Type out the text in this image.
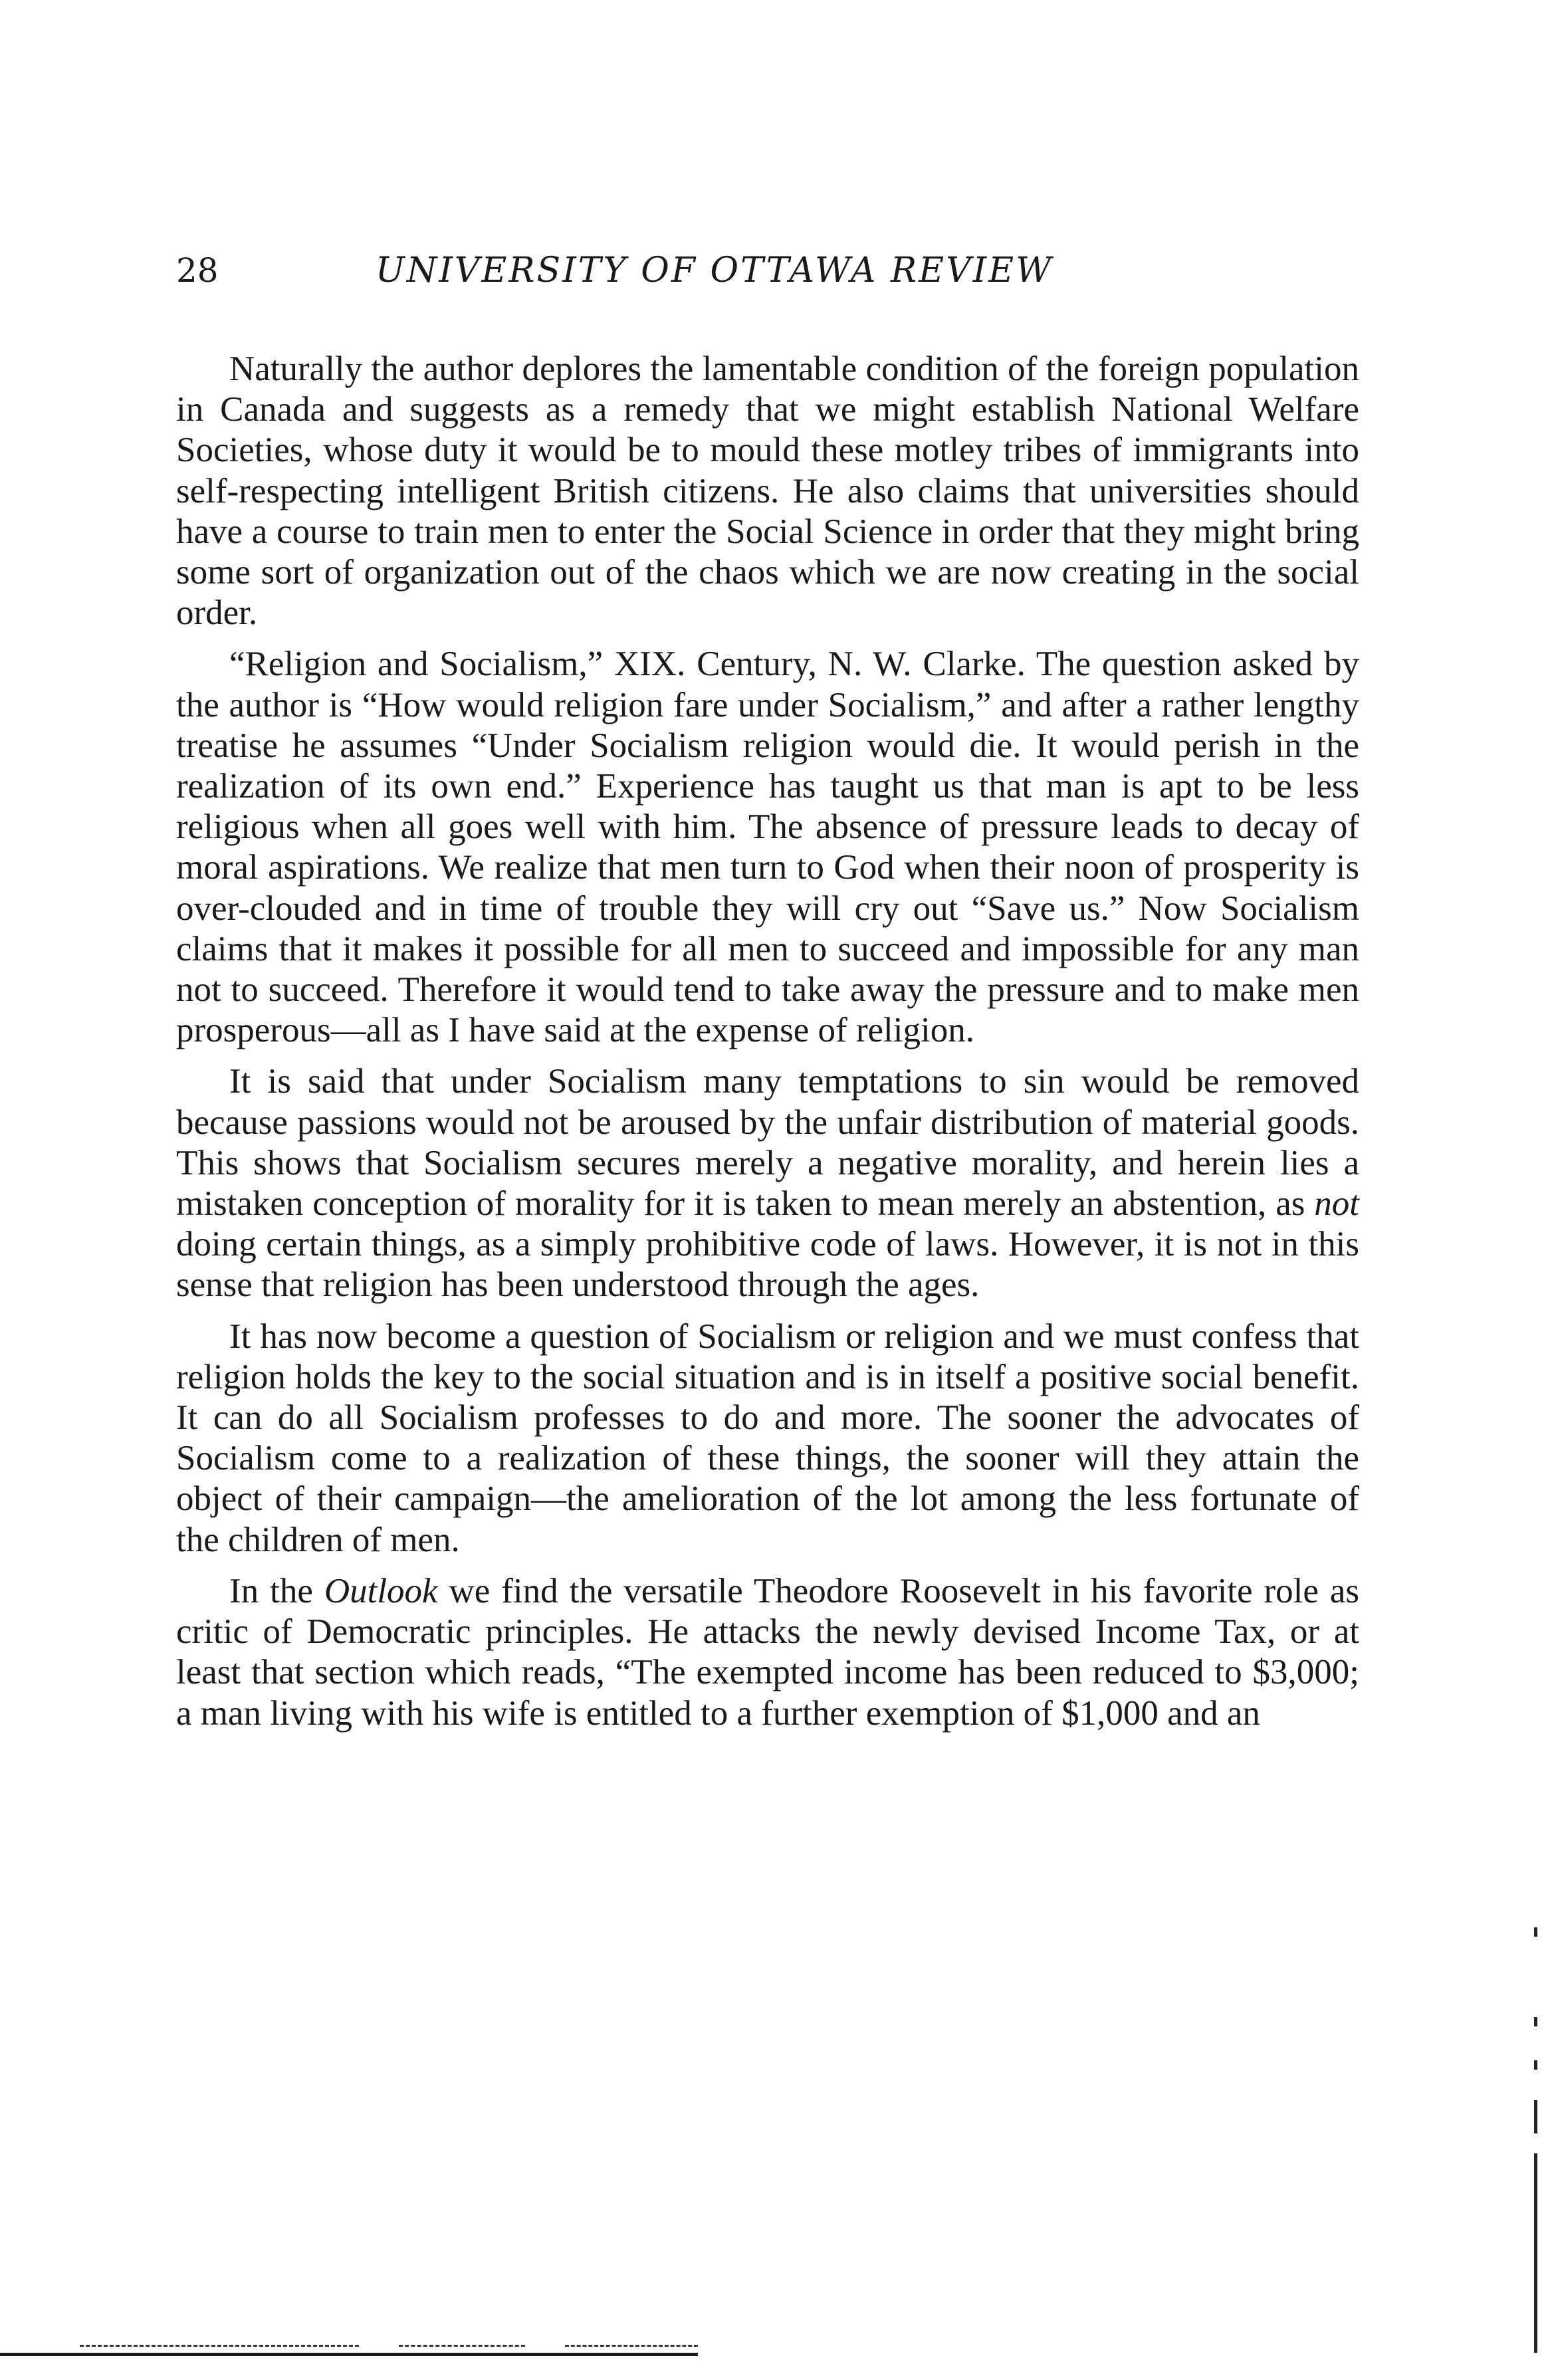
28	UNIVERSITY OF OTTAWA REVIEW

Naturally the author deplores the lamentable condition of the foreign population in Canada and suggests as a remedy that we might establish National Welfare Societies, whose duty it would be to mould these motley tribes of immigrants into self-respecting intelligent British citizens. He also claims that universities should have a course to train men to enter the Social Science in order that they might bring some sort of organization out of the chaos which we are now creating in the social order.

“Religion and Socialism,” XIX. Century, N. W. Clarke. The question asked by the author is “How would religion fare under Socialism,” and after a rather lengthy treatise he assumes “Under Socialism religion would die. It would perish in the realization of its own end.” Experience has taught us that man is apt to be less religious when all goes well with him. The absence of pressure leads to decay of moral aspirations. We realize that men turn to God when their noon of prosperity is over-clouded and in time of trouble they will cry out “Save us.” Now Socialism claims that it makes it possible for all men to succeed and impossible for any man not to succeed. Therefore it would tend to take away the pressure and to make men prosperous—all as I have said at the expense of religion.

It is said that under Socialism many temptations to sin would be removed because passions would not be aroused by the unfair distribution of material goods. This shows that Socialism secures merely a negative morality, and herein lies a mistaken conception of morality for it is taken to mean merely an abstention, as not doing certain things, as a simply prohibitive code of laws. However, it is not in this sense that religion has been understood through the ages.

It has now become a question of Socialism or religion and we must confess that religion holds the key to the social situation and is in itself a positive social benefit. It can do all Socialism professes to do and more. The sooner the advocates of Socialism come to a realization of these things, the sooner will they attain the object of their campaign—the amelioration of the lot among the less fortunate of the children of men.

In the Outlook we find the versatile Theodore Roosevelt in his favorite role as critic of Democratic principles. He attacks the newly devised Income Tax, or at least that section which reads, “The exempted income has been reduced to $3,000; a man living with his wife is entitled to a further exemption of $1,000 and an
